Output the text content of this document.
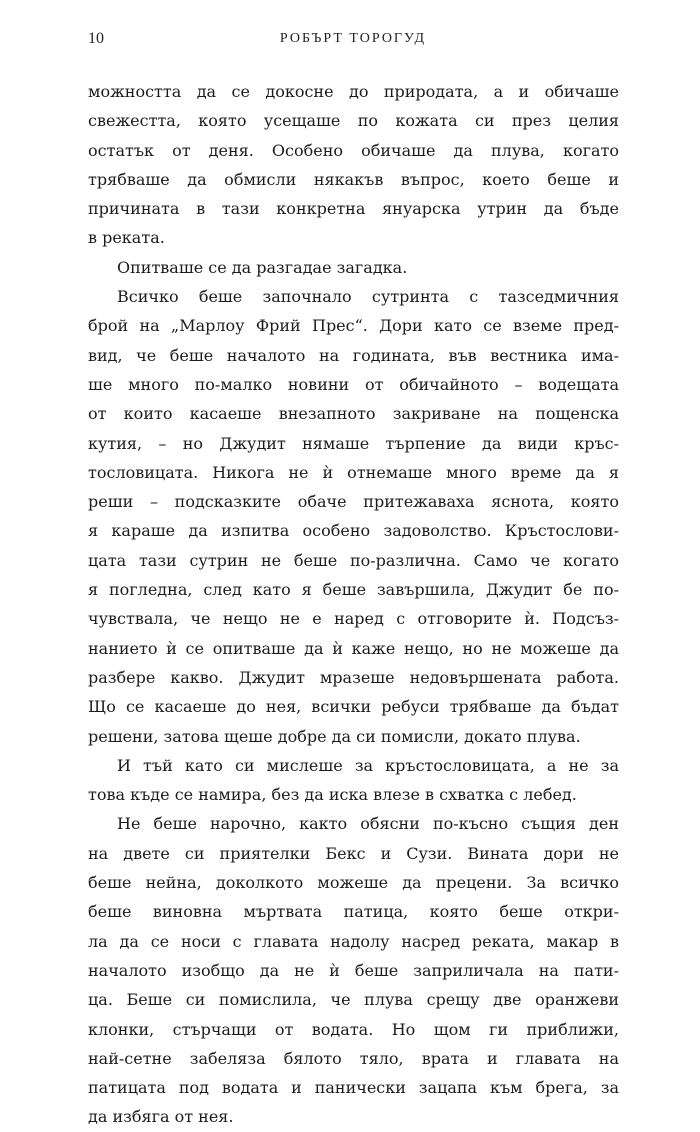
10	РОБЪРТ ТОРОГУД
можността да се докосне до природата, а и обичаше
свежестта, която усещаше по кожата си през целия
остатък от деня. Особено обичаше да плува, когато
трябваше да обмисли някакъв въпрос, което беше и
причината в тази конкретна януарска утрин да бъде
в реката.
Опитваше се да разгадае загадка.
Всичко беше започнало сутринта с тазседмичния
брой на „Марлоу Фрий Прес“. Дори като се вземе пред-
вид, че беше началото на годината, във вестника има-
ше много по-малко новини от обичайното – водещата
от които касаеше внезапното закриване на пощенска
кутия, – но Джудит нямаше търпение да види кръс-
тословицата. Никога не ѝ отнемаше много време да я
реши – подсказките обаче притежаваха яснота, която
я караше да изпитва особено задоволство. Кръстослови-
цата тази сутрин не беше по-различна. Само че когато
я погледна, след като я беше завършила, Джудит бе по-
чувствала, че нещо не е наред с отговорите ѝ. Подсъз-
нанието ѝ се опитваше да ѝ каже нещо, но не можеше да
разбере какво. Джудит мразеше недовършената работа.
Що се касаеше до нея, всички ребуси трябваше да бъдат
решени, затова щеше добре да си помисли, докато плува.
И тъй като си мислеше за кръстословицата, а не за
това къде се намира, без да иска влезе в схватка с лебед.
Не беше нарочно, както обясни по-късно същия ден
на двете си приятелки Бекс и Сузи. Вината дори не
беше нейна, доколкото можеше да прецени. За всичко
беше виновна мъртвата патица, която беше откри-
ла да се носи с главата надолу насред реката, макар в
началото изобщо да не ѝ беше заприличала на пати-
ца. Беше си помислила, че плува срещу две оранжеви
клонки, стърчащи от водата. Но щом ги приближи,
най-сетне забеляза бялото тяло, врата и главата на
патицата под водата и панически зацапа към брега, за
да избяга от нея.
